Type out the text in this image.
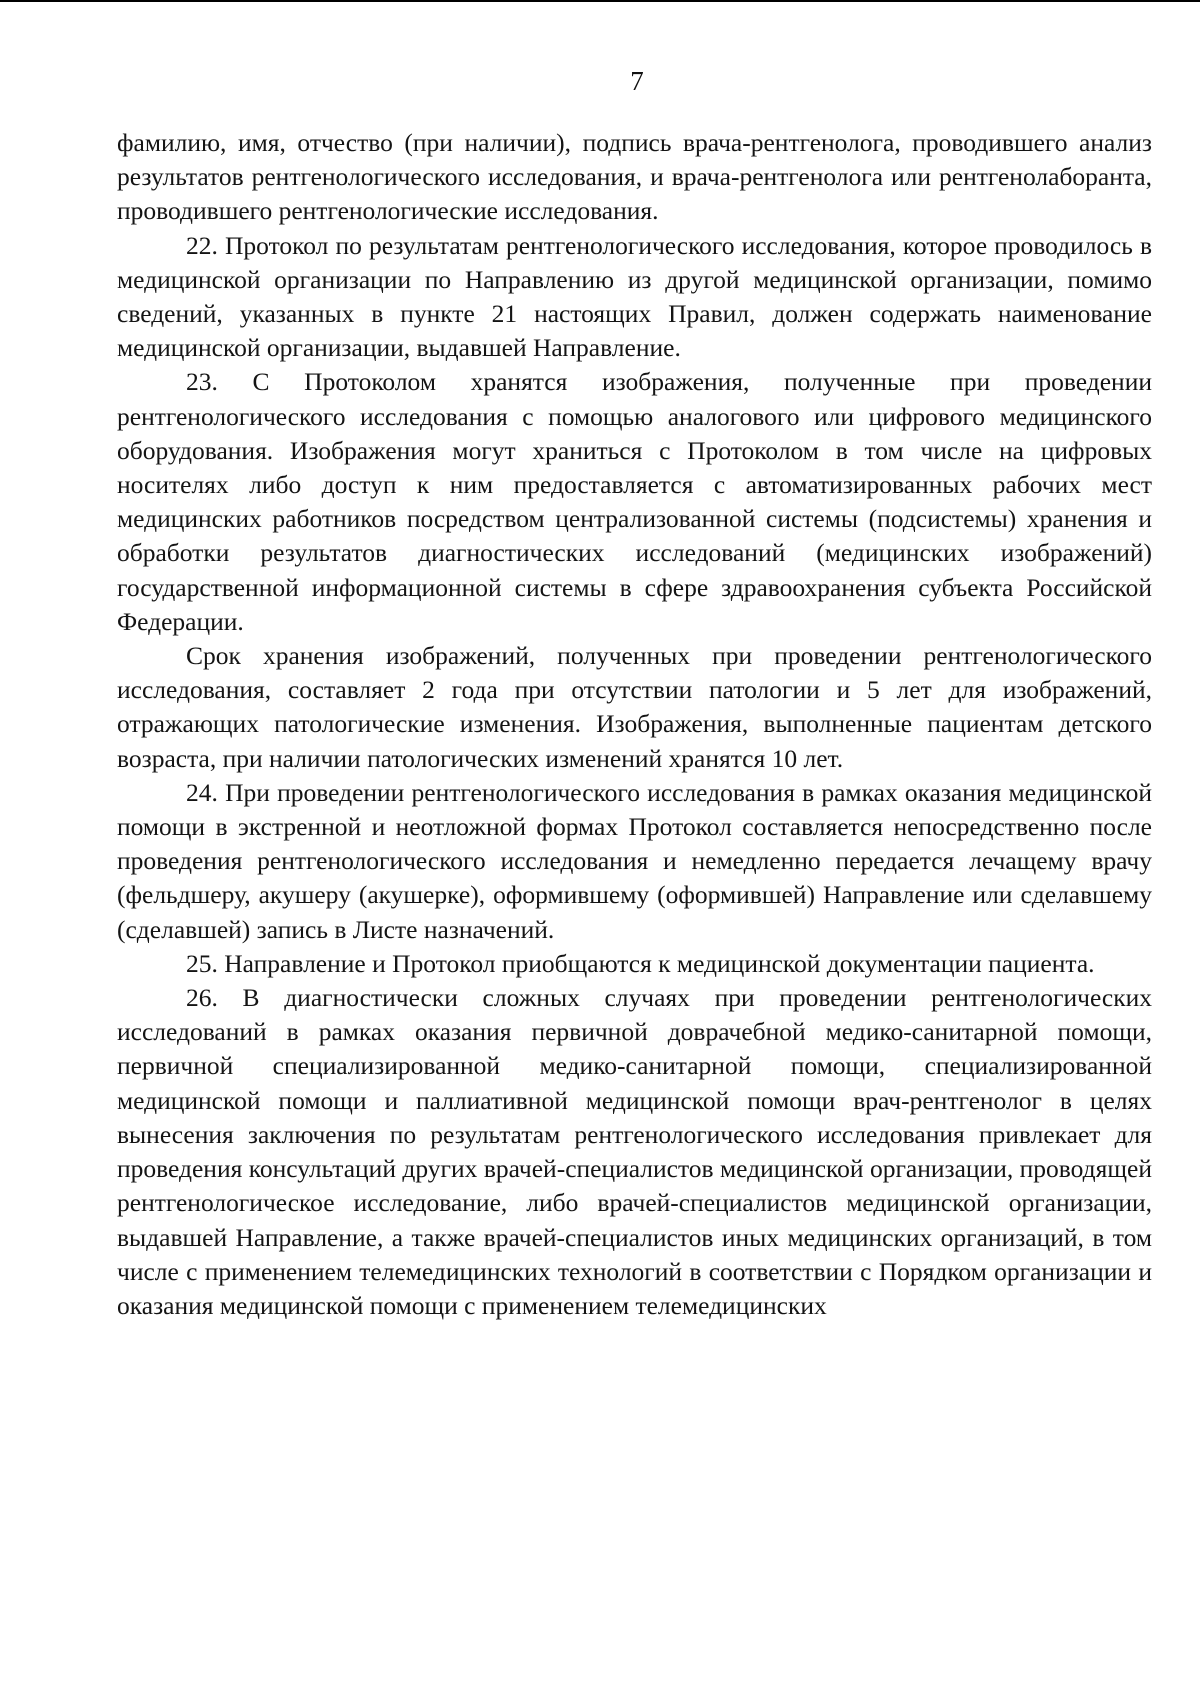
7

фамилию, имя, отчество (при наличии), подпись врача-рентгенолога, проводившего анализ результатов рентгенологического исследования, и врача-рентгенолога или рентгенолаборанта, проводившего рентгенологические исследования.

22. Протокол по результатам рентгенологического исследования, которое проводилось в медицинской организации по Направлению из другой медицинской организации, помимо сведений, указанных в пункте 21 настоящих Правил, должен содержать наименование медицинской организации, выдавшей Направление.

23. С Протоколом хранятся изображения, полученные при проведении рентгенологического исследования с помощью аналогового или цифрового медицинского оборудования. Изображения могут храниться с Протоколом в том числе на цифровых носителях либо доступ к ним предоставляется с автоматизированных рабочих мест медицинских работников посредством централизованной системы (подсистемы) хранения и обработки результатов диагностических исследований (медицинских изображений) государственной информационной системы в сфере здравоохранения субъекта Российской Федерации.

Срок хранения изображений, полученных при проведении рентгенологического исследования, составляет 2 года при отсутствии патологии и 5 лет для изображений, отражающих патологические изменения. Изображения, выполненные пациентам детского возраста, при наличии патологических изменений хранятся 10 лет.

24. При проведении рентгенологического исследования в рамках оказания медицинской помощи в экстренной и неотложной формах Протокол составляется непосредственно после проведения рентгенологического исследования и немедленно передается лечащему врачу (фельдшеру, акушеру (акушерке), оформившему (оформившей) Направление или сделавшему (сделавшей) запись в Листе назначений.

25. Направление и Протокол приобщаются к медицинской документации пациента.

26. В диагностически сложных случаях при проведении рентгенологических исследований в рамках оказания первичной доврачебной медико-санитарной помощи, первичной специализированной медико-санитарной помощи, специализированной медицинской помощи и паллиативной медицинской помощи врач-рентгенолог в целях вынесения заключения по результатам рентгенологического исследования привлекает для проведения консультаций других врачей-специалистов медицинской организации, проводящей рентгенологическое исследование, либо врачей-специалистов медицинской организации, выдавшей Направление, а также врачей-специалистов иных медицинских организаций, в том числе с применением телемедицинских технологий в соответствии с Порядком организации и оказания медицинской помощи с применением телемедицинских
